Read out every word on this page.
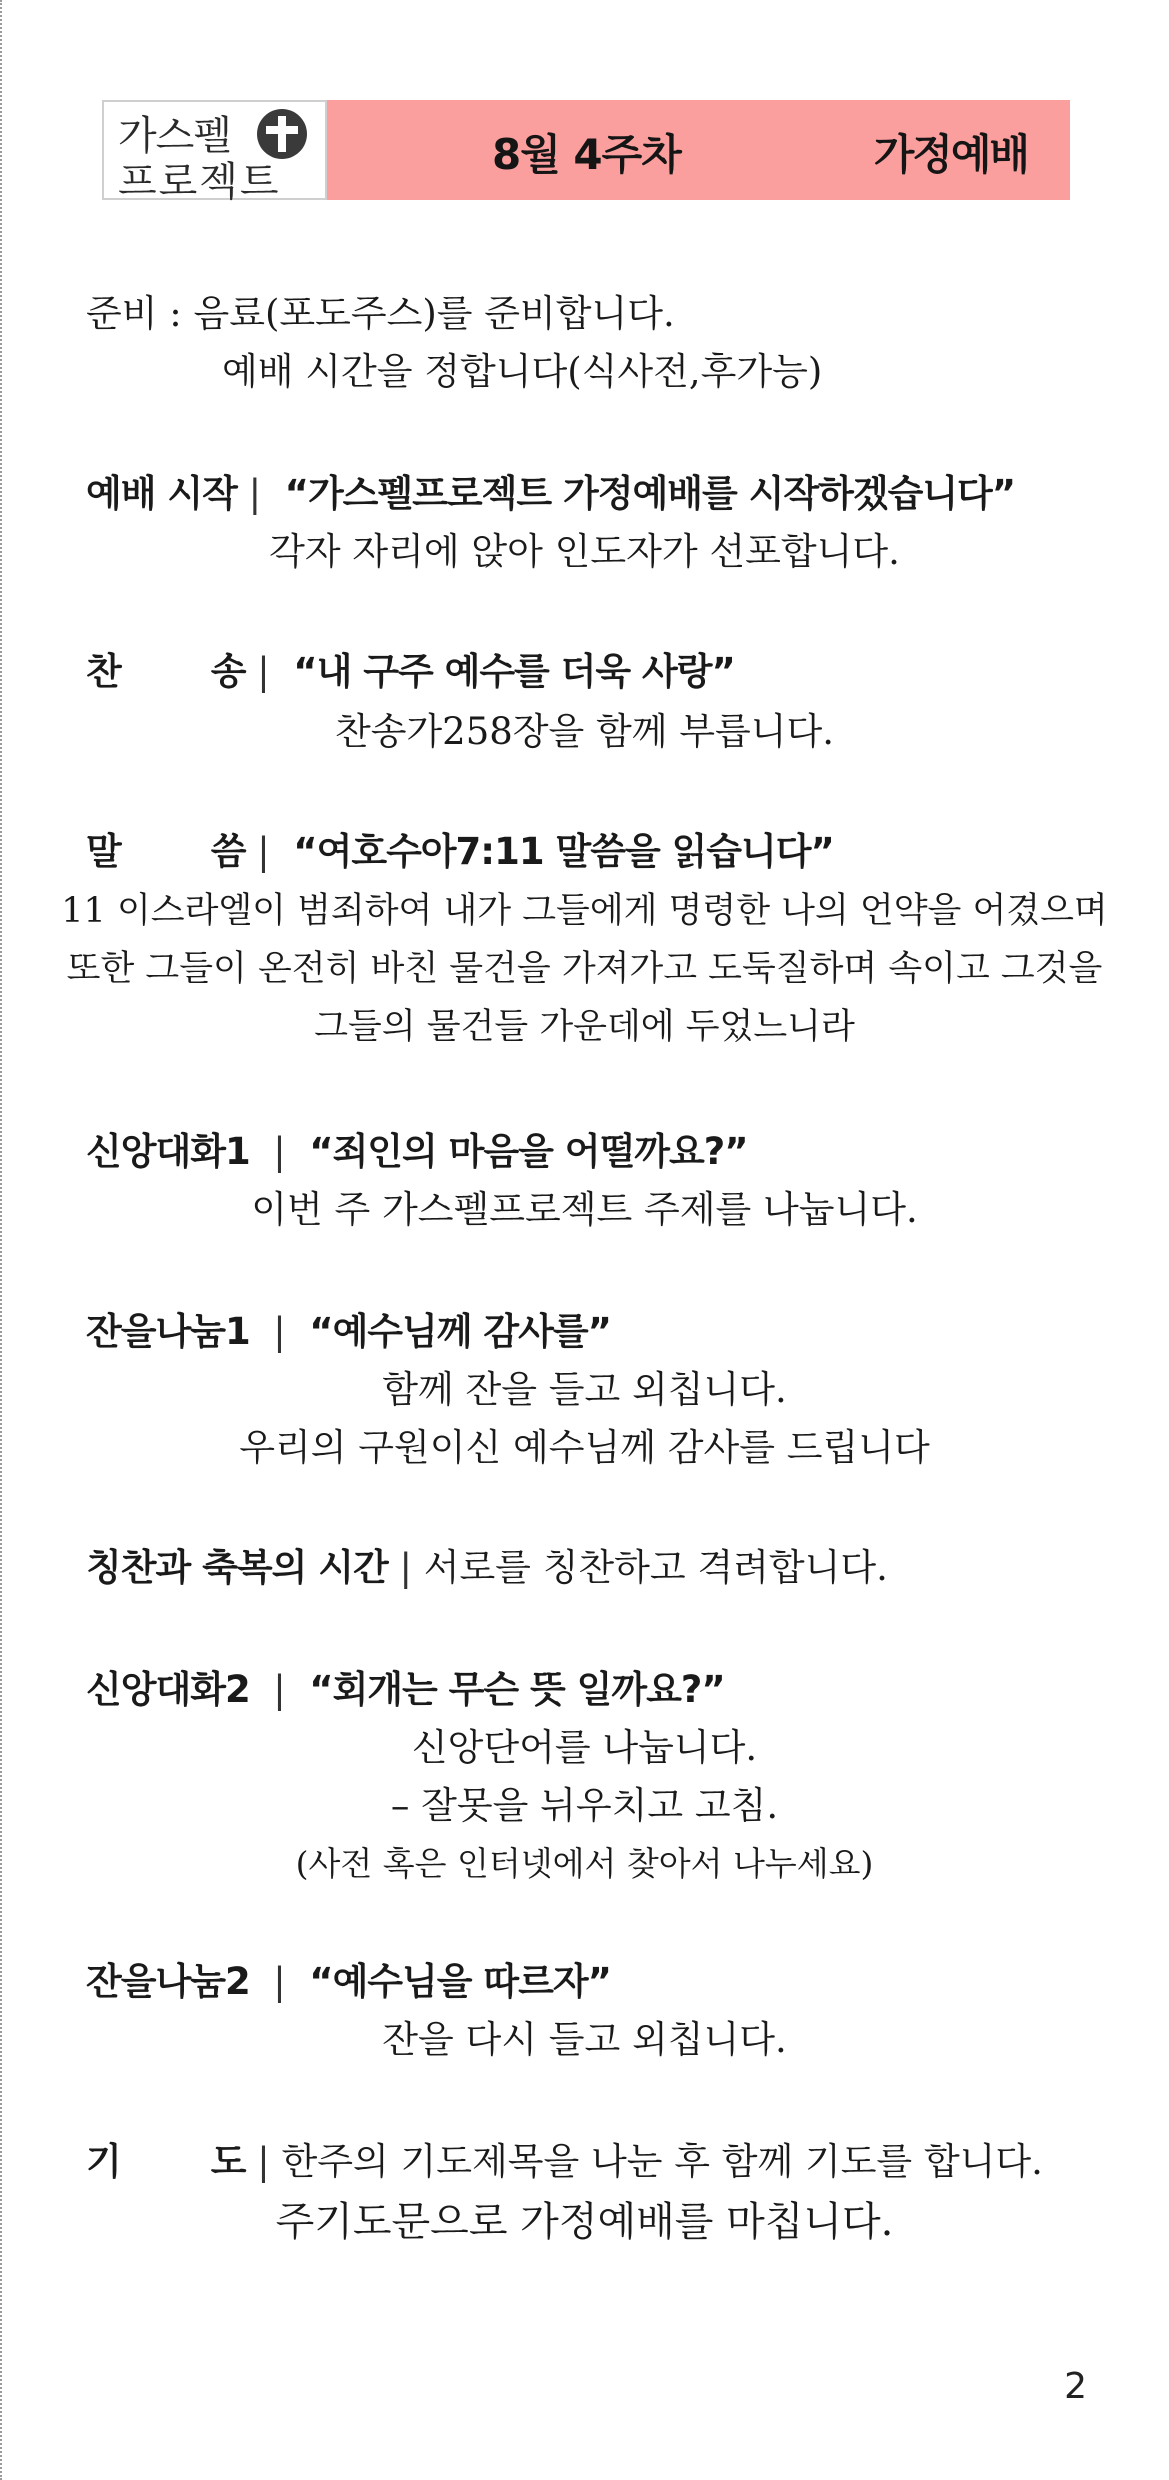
가스펠
프로젝트
8월 4주차	가정예배
준비 : 음료(포도주스)를 준비합니다.
예배 시간을 정합니다(식사전,후가능)
예배 시작 | “가스펠프로젝트 가정예배를 시작하겠습니다”
각자 자리에 앉아 인도자가 선포합니다.
찬 송 | “내 구주 예수를 더욱 사랑”
찬송가258장을 함께 부릅니다.
말 씀 | “여호수아7:11 말씀을 읽습니다”
11 이스라엘이 범죄하여 내가 그들에게 명령한 나의 언약을 어겼으며
또한 그들이 온전히 바친 물건을 가져가고 도둑질하며 속이고 그것을
그들의 물건들 가운데에 두었느니라
신앙대화1 | “죄인의 마음을 어떨까요?”
이번 주 가스펠프로젝트 주제를 나눕니다.
잔을나눔1 | “예수님께 감사를”
함께 잔을 들고 외칩니다.
우리의 구원이신 예수님께 감사를 드립니다
칭찬과 축복의 시간 | 서로를 칭찬하고 격려합니다.
신앙대화2 | “회개는 무슨 뜻 일까요?”
신앙단어를 나눕니다.
– 잘못을 뉘우치고 고침.
(사전 혹은 인터넷에서 찾아서 나누세요)
잔을나눔2 | “예수님을 따르자”
잔을 다시 들고 외칩니다.
기 도 | 한주의 기도제목을 나눈 후 함께 기도를 합니다.
주기도문으로 가정예배를 마칩니다.
2
